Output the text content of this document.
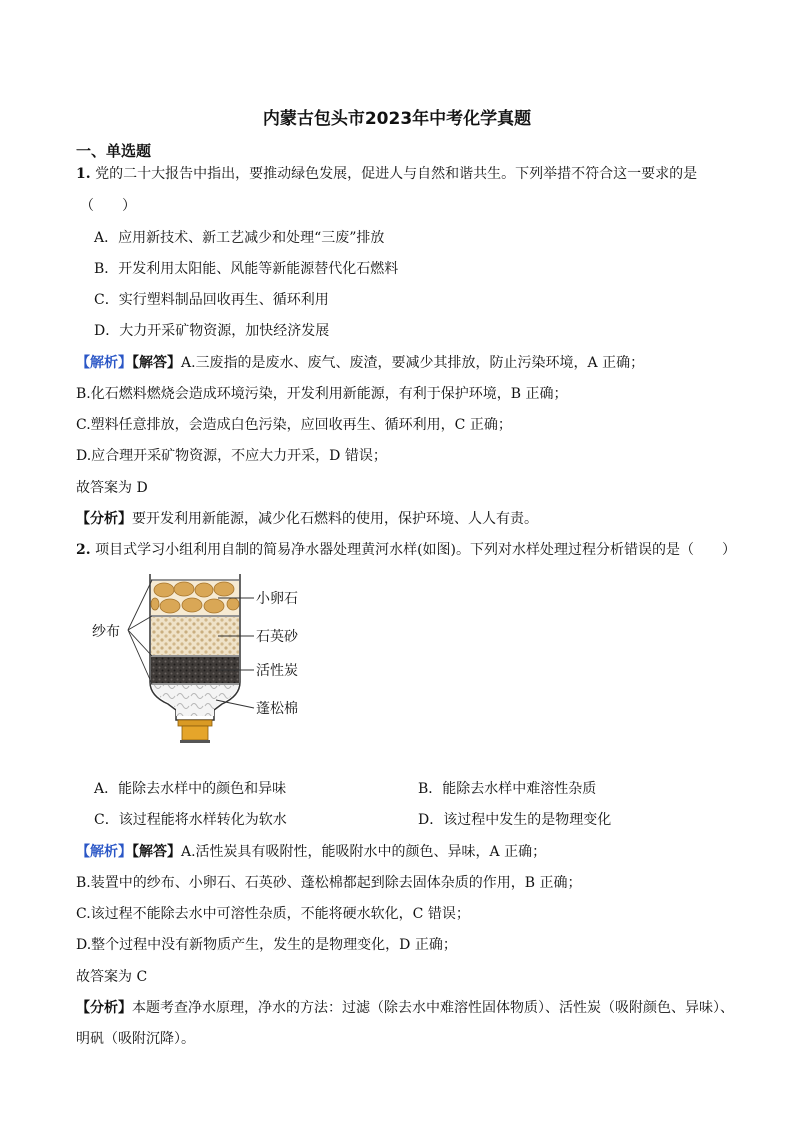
内蒙古包头市2023年中考化学真题
一、单选题

1. 党的二十大报告中指出，要推动绿色发展，促进人与自然和谐共生。下列举措不符合这一要求的是

（　　）

A．应用新技术、新工艺减少和处理“三废”排放

B．开发利用太阳能、风能等新能源替代化石燃料

C．实行塑料制品回收再生、循环利用

D．大力开采矿物资源，加快经济发展

【解析】【解答】A.三废指的是废水、废气、废渣，要减少其排放，防止污染环境，A 正确；

B.化石燃料燃烧会造成环境污染，开发利用新能源，有利于保护环境，B 正确；

C.塑料任意排放，会造成白色污染，应回收再生、循环利用，C 正确；

D.应合理开采矿物资源，不应大力开采，D 错误；

故答案为 D

【分析】要开发利用新能源，减少化石燃料的使用，保护环境、人人有责。

2. 项目式学习小组利用自制的简易净水器处理黄河水样(如图)。下列对水样处理过程分析错误的是（　　）

纱布
小卵石
石英砂
活性炭
蓬松棉
A．能除去水样中的颜色和异味	B．能除去水样中难溶性杂质
C．该过程能将水样转化为软水	D．该过程中发生的是物理变化

【解析】【解答】A.活性炭具有吸附性，能吸附水中的颜色、异味，A 正确；

B.装置中的纱布、小卵石、石英砂、蓬松棉都起到除去固体杂质的作用，B 正确；

C.该过程不能除去水中可溶性杂质，不能将硬水软化，C 错误；

D.整个过程中没有新物质产生，发生的是物理变化，D 正确；

故答案为 C

【分析】本题考查净水原理，净水的方法：过滤（除去水中难溶性固体物质）、活性炭（吸附颜色、异味）、

明矾（吸附沉降）。
